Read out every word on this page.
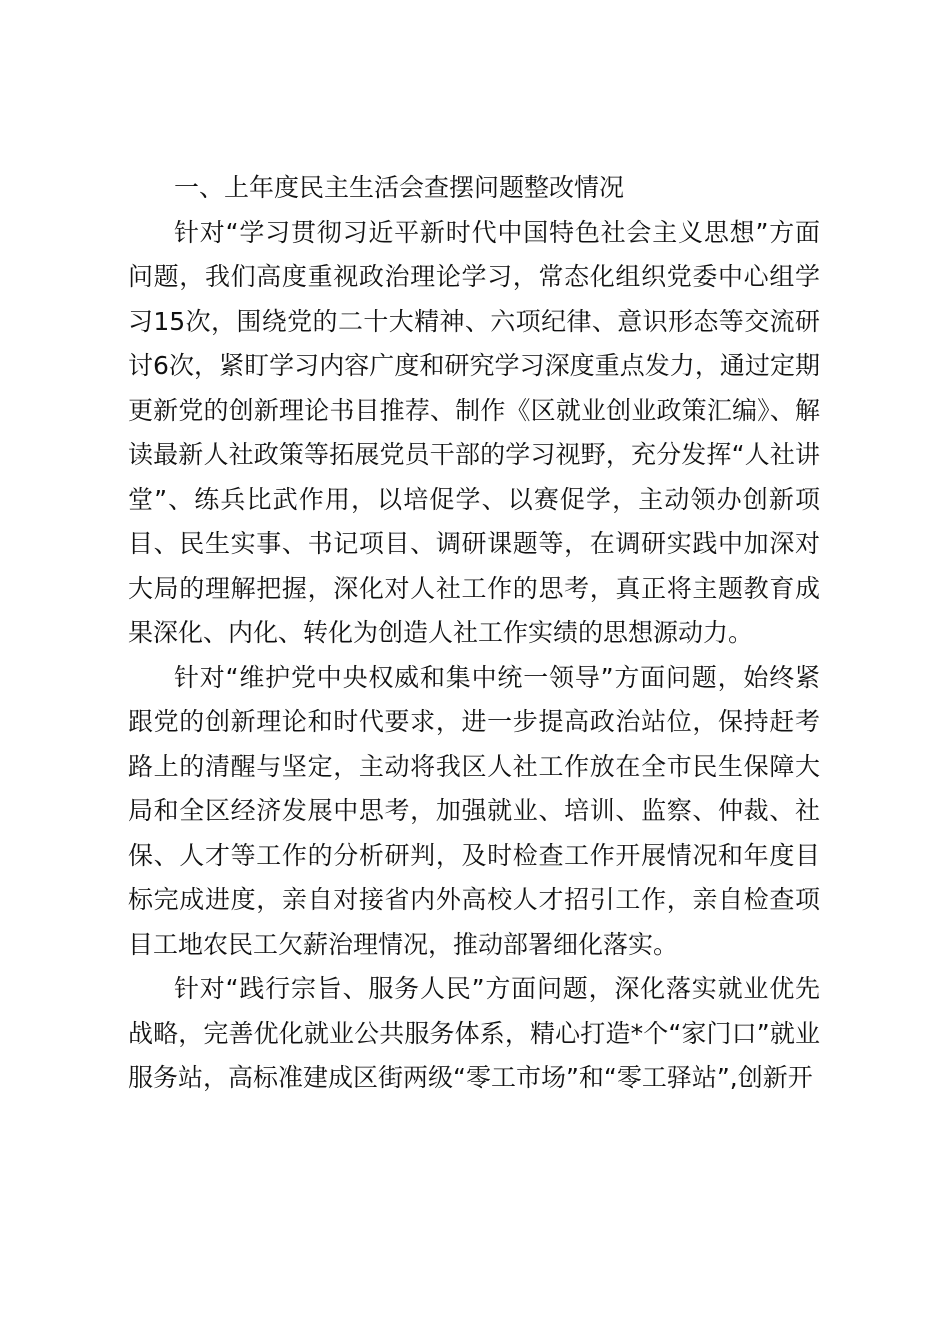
一、上年度民主生活会查摆问题整改情况

针对“学习贯彻习近平新时代中国特色社会主义思想”方面问题，我们高度重视政治理论学习，常态化组织党委中心组学习15次，围绕党的二十大精神、六项纪律、意识形态等交流研讨6次，紧盯学习内容广度和研究学习深度重点发力，通过定期更新党的创新理论书目推荐、制作《区就业创业政策汇编》、解读最新人社政策等拓展党员干部的学习视野，充分发挥“人社讲堂”、练兵比武作用，以培促学、以赛促学，主动领办创新项目、民生实事、书记项目、调研课题等，在调研实践中加深对大局的理解把握，深化对人社工作的思考，真正将主题教育成果深化、内化、转化为创造人社工作实绩的思想源动力。

针对“维护党中央权威和集中统一领导”方面问题，始终紧跟党的创新理论和时代要求，进一步提高政治站位，保持赶考路上的清醒与坚定，主动将我区人社工作放在全市民生保障大局和全区经济发展中思考，加强就业、培训、监察、仲裁、社保、人才等工作的分析研判，及时检查工作开展情况和年度目标完成进度，亲自对接省内外高校人才招引工作，亲自检查项目工地农民工欠薪治理情况，推动部署细化落实。

针对“践行宗旨、服务人民”方面问题，深化落实就业优先战略，完善优化就业公共服务体系，精心打造*个“家门口”就业服务站，高标准建成区街两级“零工市场”和“零工驿站”,创新开
